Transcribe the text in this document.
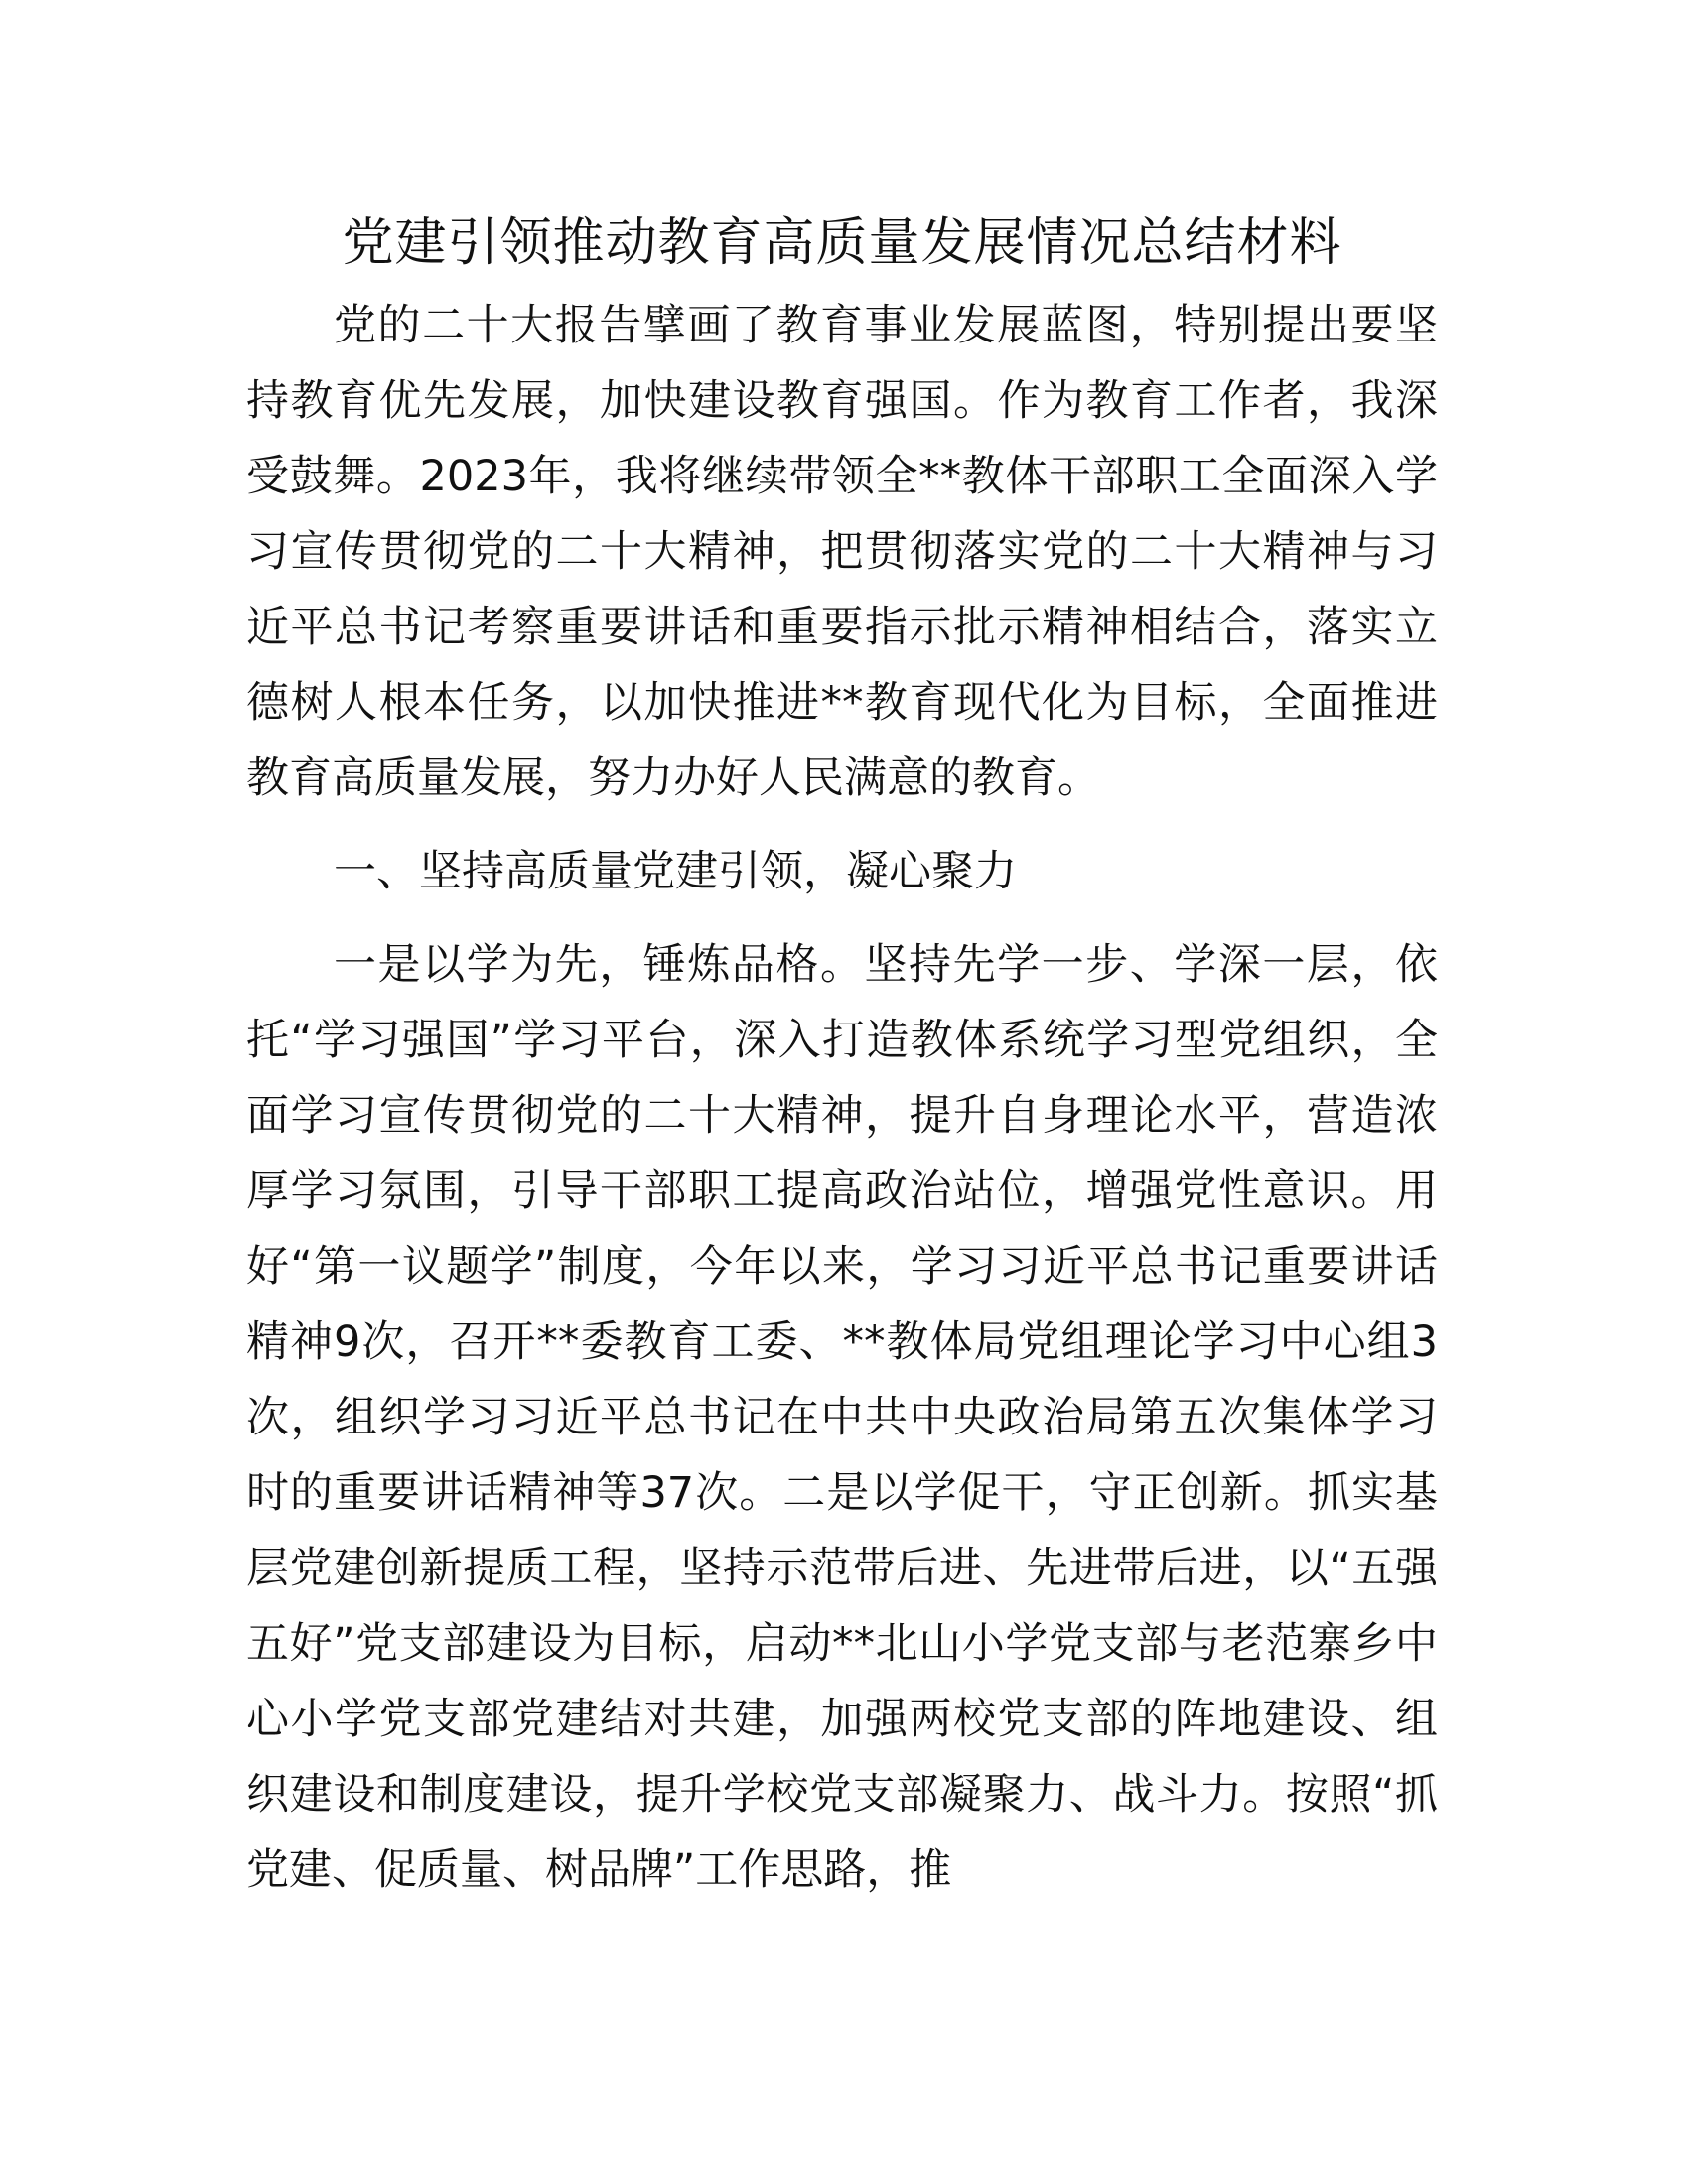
党建引领推动教育高质量发展情况总结材料

党的二十大报告擘画了教育事业发展蓝图，特别提出要坚持教育优先发展，加快建设教育强国。作为教育工作者，我深受鼓舞。2023年，我将继续带领全**教体干部职工全面深入学习宣传贯彻党的二十大精神，把贯彻落实党的二十大精神与习近平总书记考察重要讲话和重要指示批示精神相结合，落实立德树人根本任务，以加快推进**教育现代化为目标，全面推进教育高质量发展，努力办好人民满意的教育。

一、坚持高质量党建引领，凝心聚力

一是以学为先，锤炼品格。坚持先学一步、学深一层，依托“学习强国”学习平台，深入打造教体系统学习型党组织，全面学习宣传贯彻党的二十大精神，提升自身理论水平，营造浓厚学习氛围，引导干部职工提高政治站位，增强党性意识。用好“第一议题学”制度，今年以来，学习习近平总书记重要讲话精神9次，召开**委教育工委、**教体局党组理论学习中心组3次，组织学习习近平总书记在中共中央政治局第五次集体学习时的重要讲话精神等37次。二是以学促干，守正创新。抓实基层党建创新提质工程，坚持示范带后进、先进带后进，以“五强五好”党支部建设为目标，启动**北山小学党支部与老范寨乡中心小学党支部党建结对共建，加强两校党支部的阵地建设、组织建设和制度建设，提升学校党支部凝聚力、战斗力。按照“抓党建、促质量、树品牌”工作思路，推
